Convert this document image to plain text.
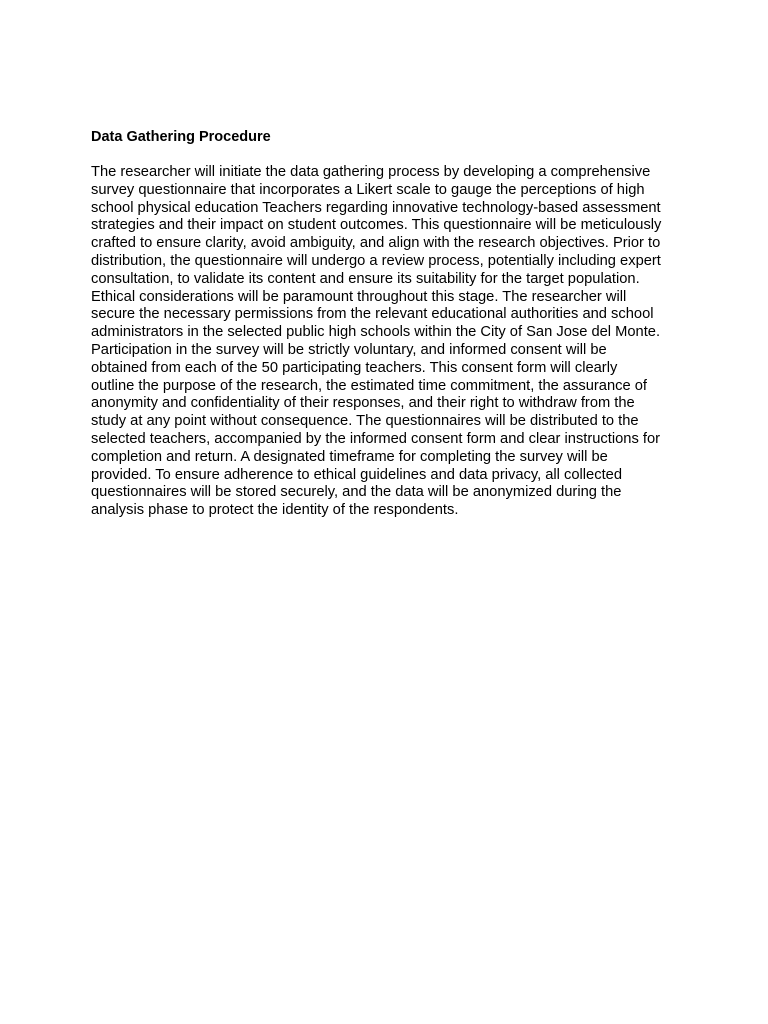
Data Gathering Procedure

The researcher will initiate the data gathering process by developing a comprehensive
survey questionnaire that incorporates a Likert scale to gauge the perceptions of high
school physical education Teachers regarding innovative technology-based assessment
strategies and their impact on student outcomes. This questionnaire will be meticulously
crafted to ensure clarity, avoid ambiguity, and align with the research objectives. Prior to
distribution, the questionnaire will undergo a review process, potentially including expert
consultation, to validate its content and ensure its suitability for the target population.
Ethical considerations will be paramount throughout this stage. The researcher will
secure the necessary permissions from the relevant educational authorities and school
administrators in the selected public high schools within the City of San Jose del Monte.
Participation in the survey will be strictly voluntary, and informed consent will be
obtained from each of the 50 participating teachers. This consent form will clearly
outline the purpose of the research, the estimated time commitment, the assurance of
anonymity and confidentiality of their responses, and their right to withdraw from the
study at any point without consequence. The questionnaires will be distributed to the
selected teachers, accompanied by the informed consent form and clear instructions for
completion and return. A designated timeframe for completing the survey will be
provided. To ensure adherence to ethical guidelines and data privacy, all collected
questionnaires will be stored securely, and the data will be anonymized during the
analysis phase to protect the identity of the respondents.
